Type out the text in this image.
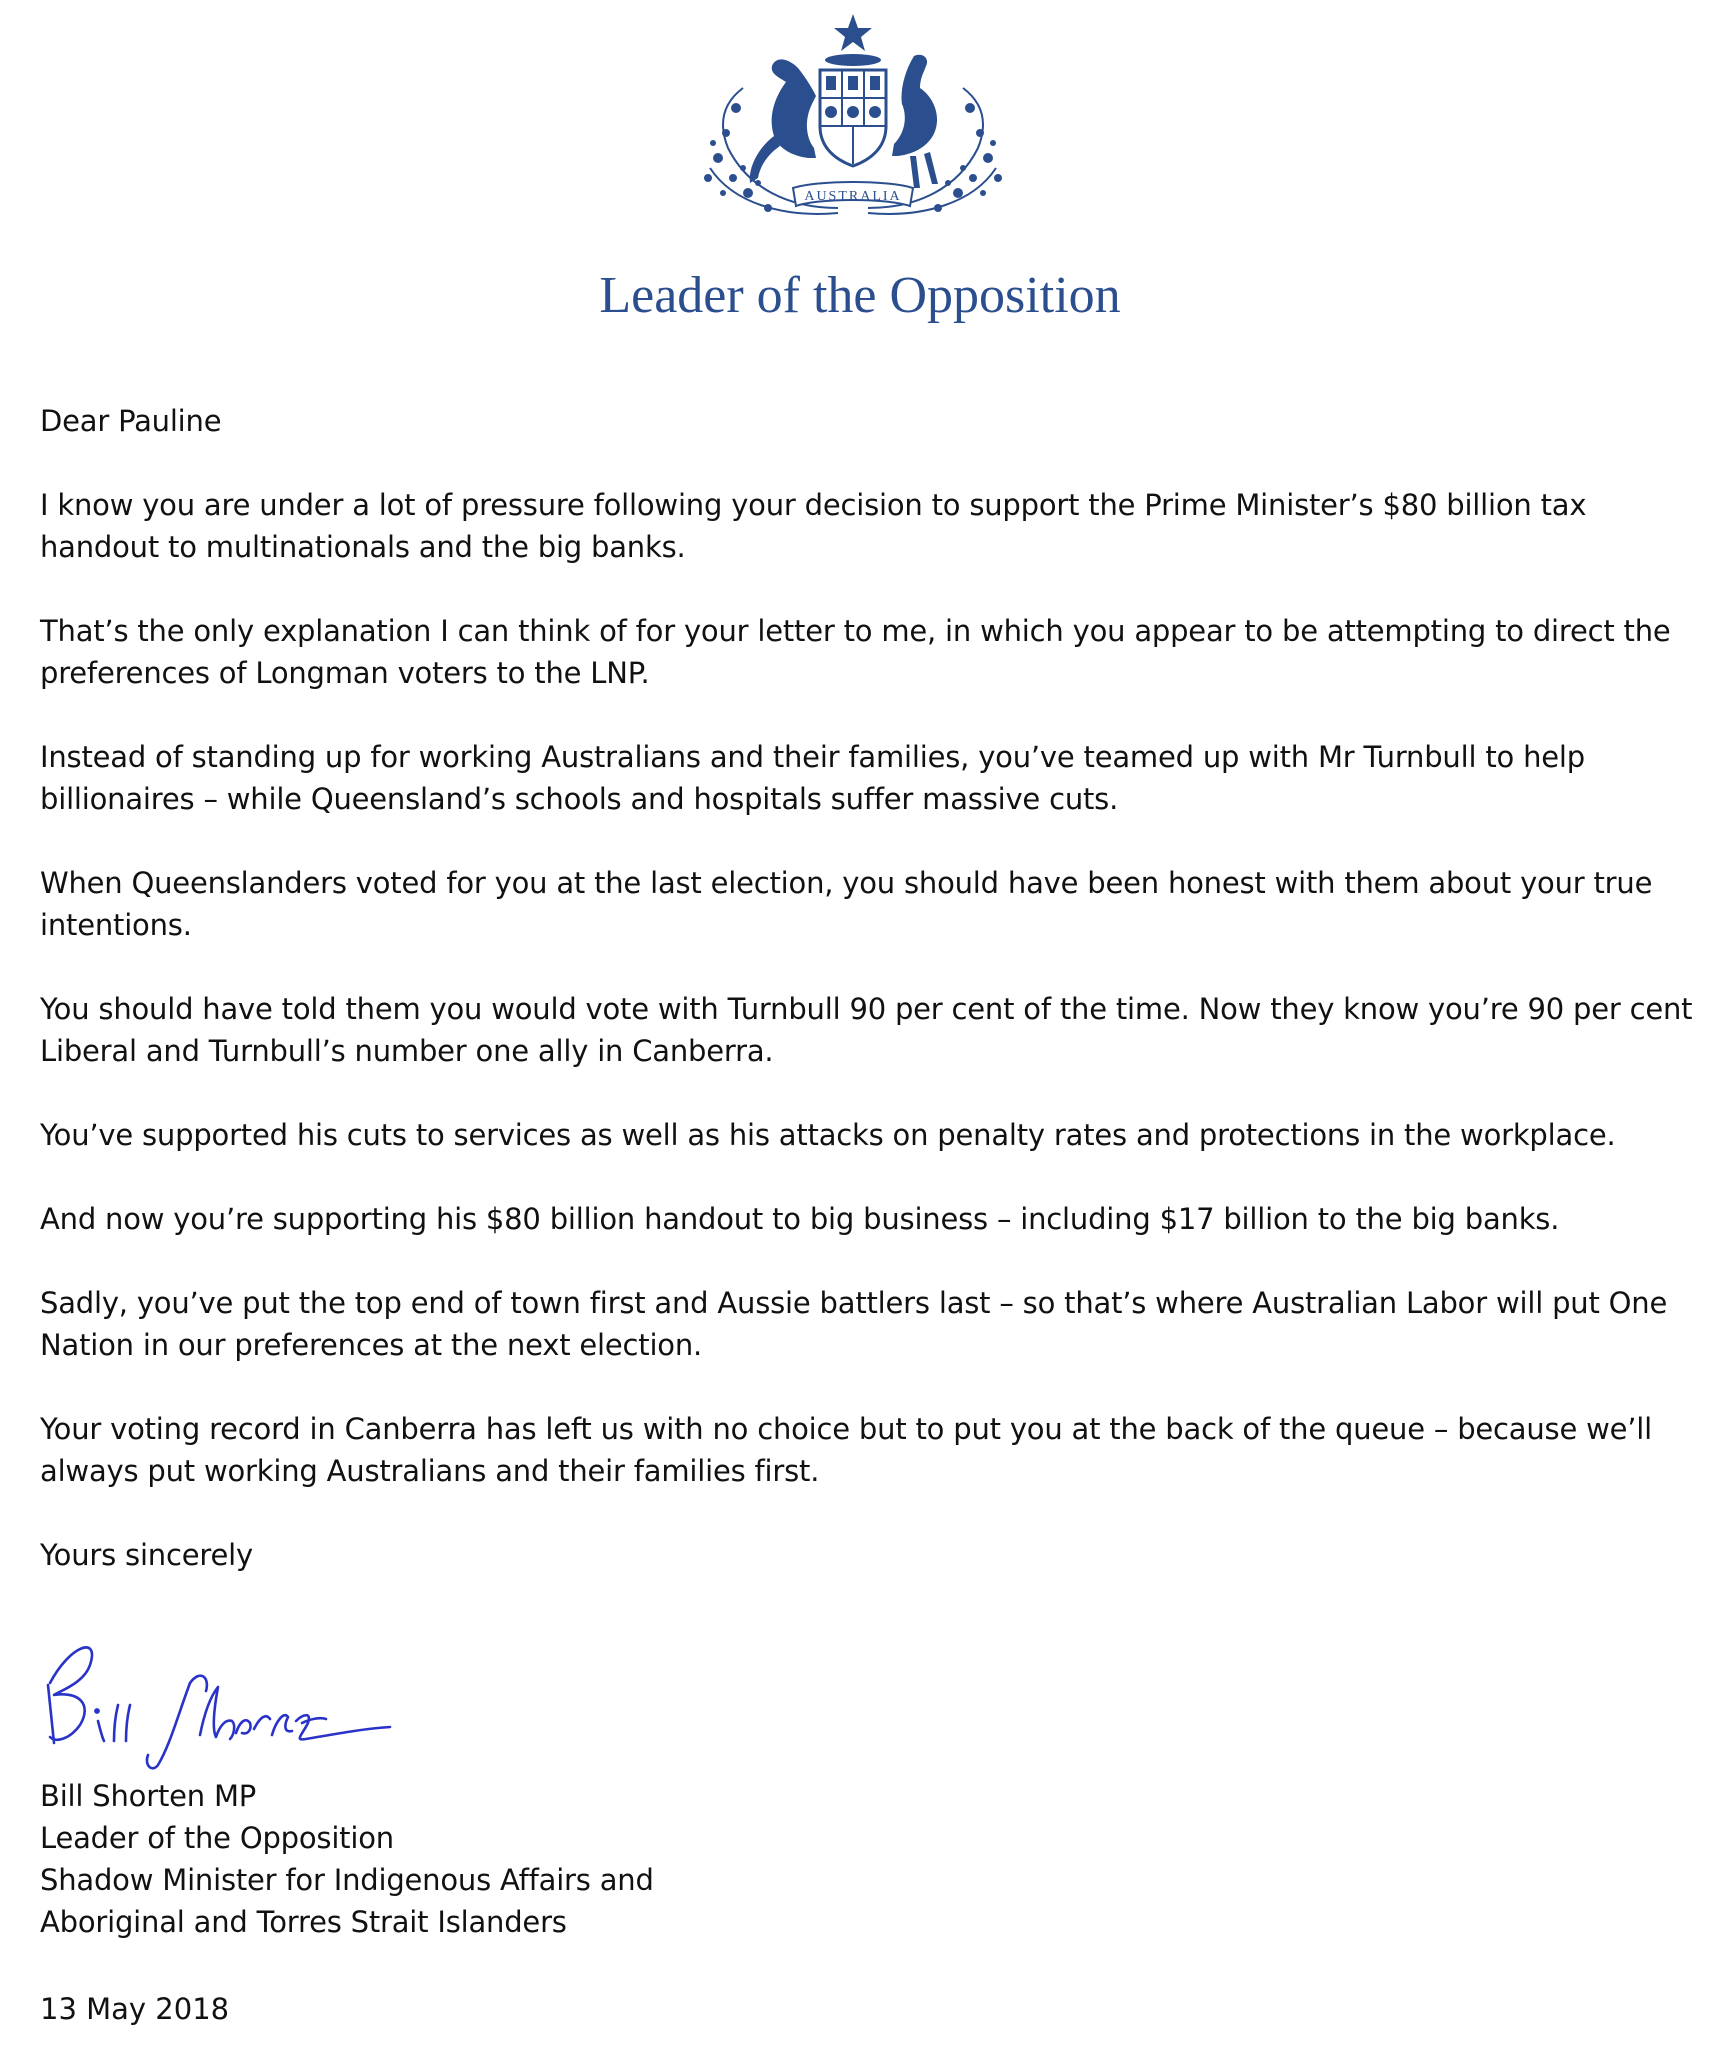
AUSTRALIA
Leader of the Opposition

Dear Pauline

I know you are under a lot of pressure following your decision to support the Prime Minister’s $80 billion tax
handout to multinationals and the big banks.

That’s the only explanation I can think of for your letter to me, in which you appear to be attempting to direct the
preferences of Longman voters to the LNP.

Instead of standing up for working Australians and their families, you’ve teamed up with Mr Turnbull to help
billionaires – while Queensland’s schools and hospitals suffer massive cuts.

When Queenslanders voted for you at the last election, you should have been honest with them about your true
intentions.

You should have told them you would vote with Turnbull 90 per cent of the time. Now they know you’re 90 per cent
Liberal and Turnbull’s number one ally in Canberra.

You’ve supported his cuts to services as well as his attacks on penalty rates and protections in the workplace.

And now you’re supporting his $80 billion handout to big business – including $17 billion to the big banks.

Sadly, you’ve put the top end of town first and Aussie battlers last – so that’s where Australian Labor will put One
Nation in our preferences at the next election.

Your voting record in Canberra has left us with no choice but to put you at the back of the queue – because we’ll
always put working Australians and their families first.

Yours sincerely

Bill Shorten MP
Leader of the Opposition
Shadow Minister for Indigenous Affairs and
Aboriginal and Torres Strait Islanders
13 May 2018
